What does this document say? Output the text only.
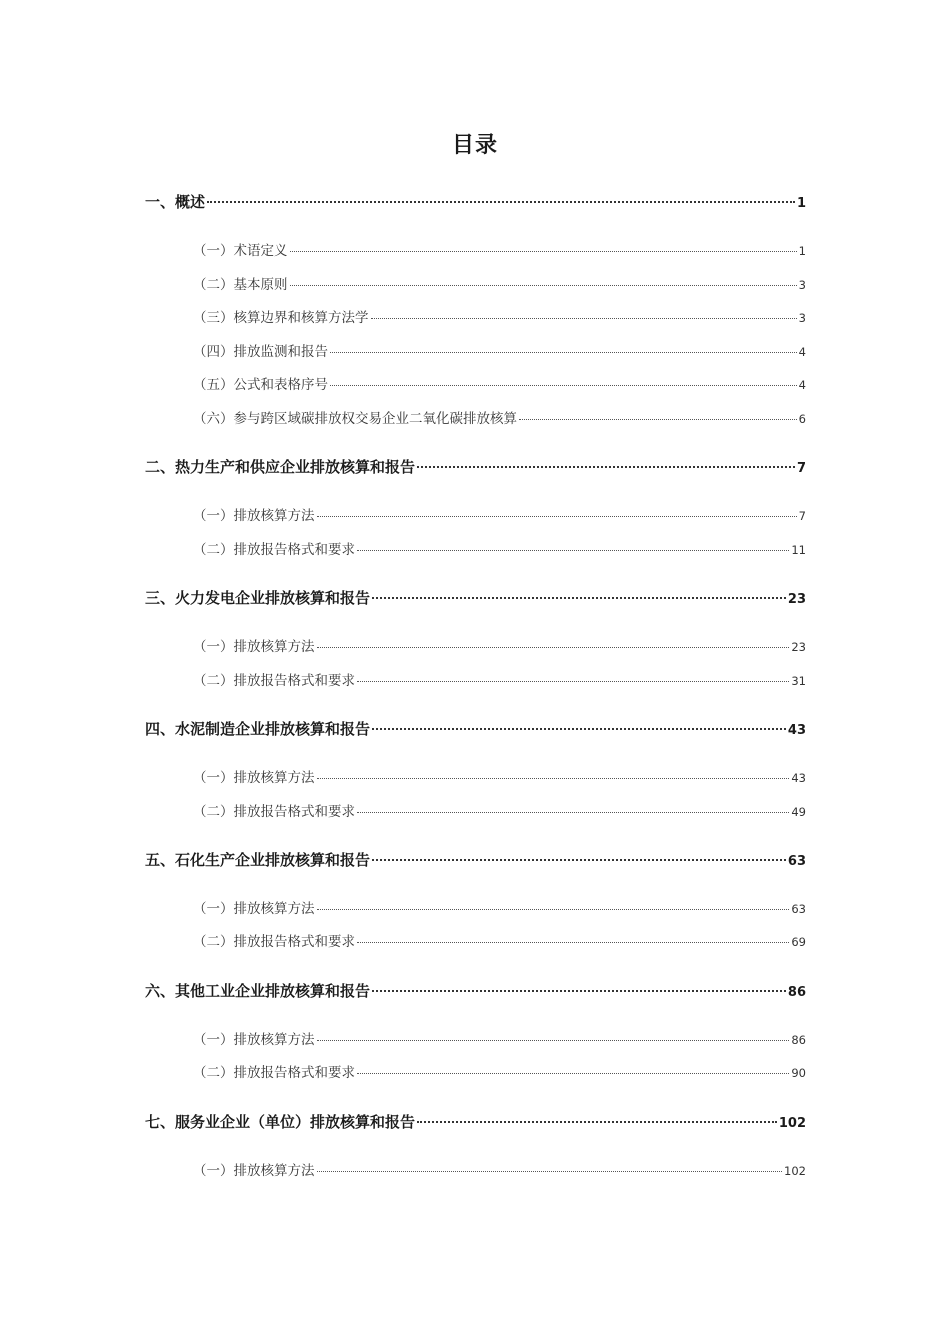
目录
一、概述	1
（一）术语定义	1
（二）基本原则	3
（三）核算边界和核算方法学	3
（四）排放监测和报告	4
（五）公式和表格序号	4
（六）参与跨区域碳排放权交易企业二氧化碳排放核算	6
二、热力生产和供应企业排放核算和报告	7
（一）排放核算方法	7
（二）排放报告格式和要求	11
三、火力发电企业排放核算和报告	23
（一）排放核算方法	23
（二）排放报告格式和要求	31
四、水泥制造企业排放核算和报告	43
（一）排放核算方法	43
（二）排放报告格式和要求	49
五、石化生产企业排放核算和报告	63
（一）排放核算方法	63
（二）排放报告格式和要求	69
六、其他工业企业排放核算和报告	86
（一）排放核算方法	86
（二）排放报告格式和要求	90
七、服务业企业（单位）排放核算和报告	102
（一）排放核算方法	102
